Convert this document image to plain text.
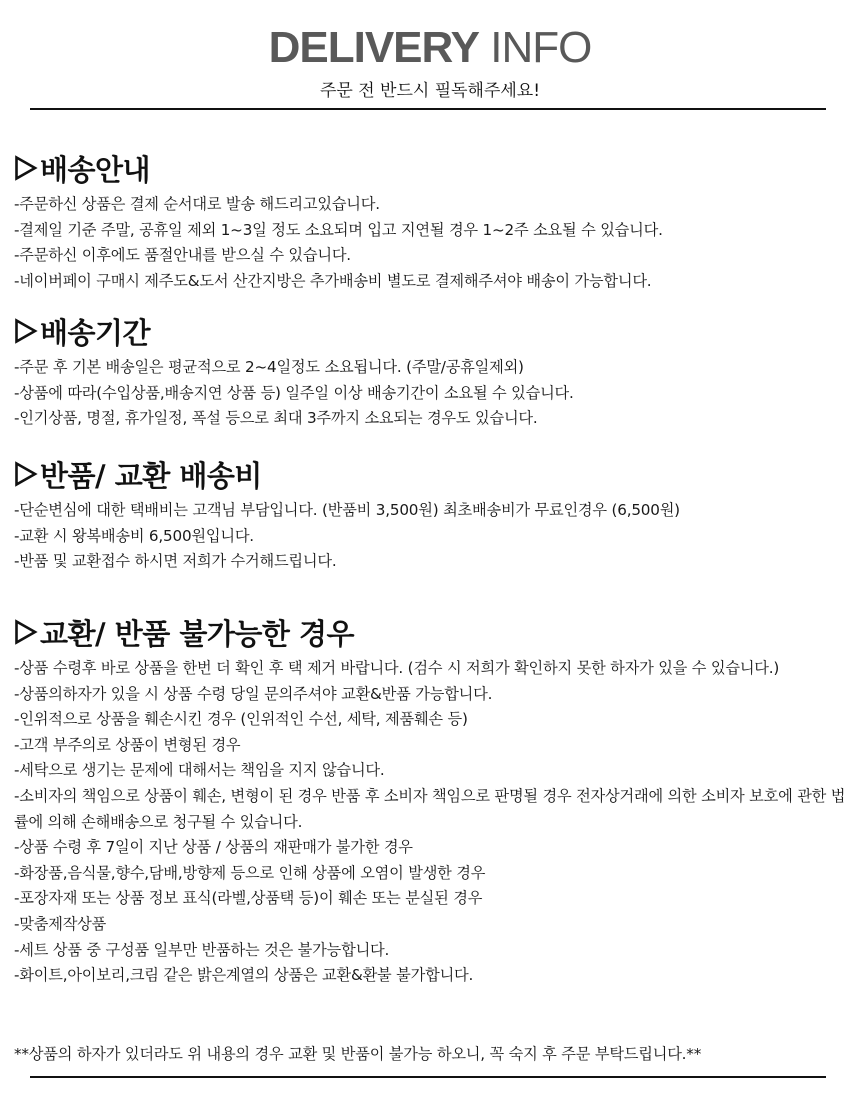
DELIVERY INFO
주문 전 반드시 필독해주세요!
배송안내
-주문하신 상품은 결제 순서대로 발송 해드리고있습니다.
-결제일 기준 주말, 공휴일 제외 1~3일 정도 소요되며 입고 지연될 경우 1~2주 소요될 수 있습니다.
-주문하신 이후에도 품절안내를 받으실 수 있습니다.
-네이버페이 구매시 제주도&도서 산간지방은 추가배송비 별도로 결제해주셔야 배송이 가능합니다.
배송기간
-주문 후 기본 배송일은 평균적으로 2~4일정도 소요됩니다. (주말/공휴일제외)
-상품에 따라(수입상품,배송지연 상품 등) 일주일 이상 배송기간이 소요될 수 있습니다.
-인기상품, 명절, 휴가일정, 폭설 등으로 최대 3주까지 소요되는 경우도 있습니다.
반품/ 교환 배송비
-단순변심에 대한 택배비는 고객님 부담입니다. (반품비 3,500원) 최초배송비가 무료인경우 (6,500원)
-교환 시 왕복배송비 6,500원입니다.
-반품 및 교환접수 하시면 저희가 수거해드립니다.
교환/ 반품 불가능한 경우
-상품 수령후 바로 상품을 한번 더 확인 후 택 제거 바랍니다. (검수 시 저희가 확인하지 못한 하자가 있을 수 있습니다.)
-상품의하자가 있을 시 상품 수령 당일 문의주셔야 교환&반품 가능합니다.
-인위적으로 상품을 훼손시킨 경우 (인위적인 수선, 세탁, 제품훼손 등)
-고객 부주의로 상품이 변형된 경우
-세탁으로 생기는 문제에 대해서는 책임을 지지 않습니다.
-소비자의 책임으로 상품이 훼손, 변형이 된 경우 반품 후 소비자 책임으로 판명될 경우 전자상거래에 의한 소비자 보호에 관한 법률에 의해 손해배송으로 청구될 수 있습니다.
-상품 수령 후 7일이 지난 상품 / 상품의 재판매가 불가한 경우
-화장품,음식물,향수,담배,방향제 등으로 인해 상품에 오염이 발생한 경우
-포장자재 또는 상품 정보 표식(라벨,상품택 등)이 훼손 또는 분실된 경우
-맞춤제작상품
-세트 상품 중 구성품 일부만 반품하는 것은 불가능합니다.
-화이트,아이보리,크림 같은 밝은계열의 상품은 교환&환불 불가합니다.
**상품의 하자가 있더라도 위 내용의 경우 교환 및 반품이 불가능 하오니, 꼭 숙지 후 주문 부탁드립니다.**
